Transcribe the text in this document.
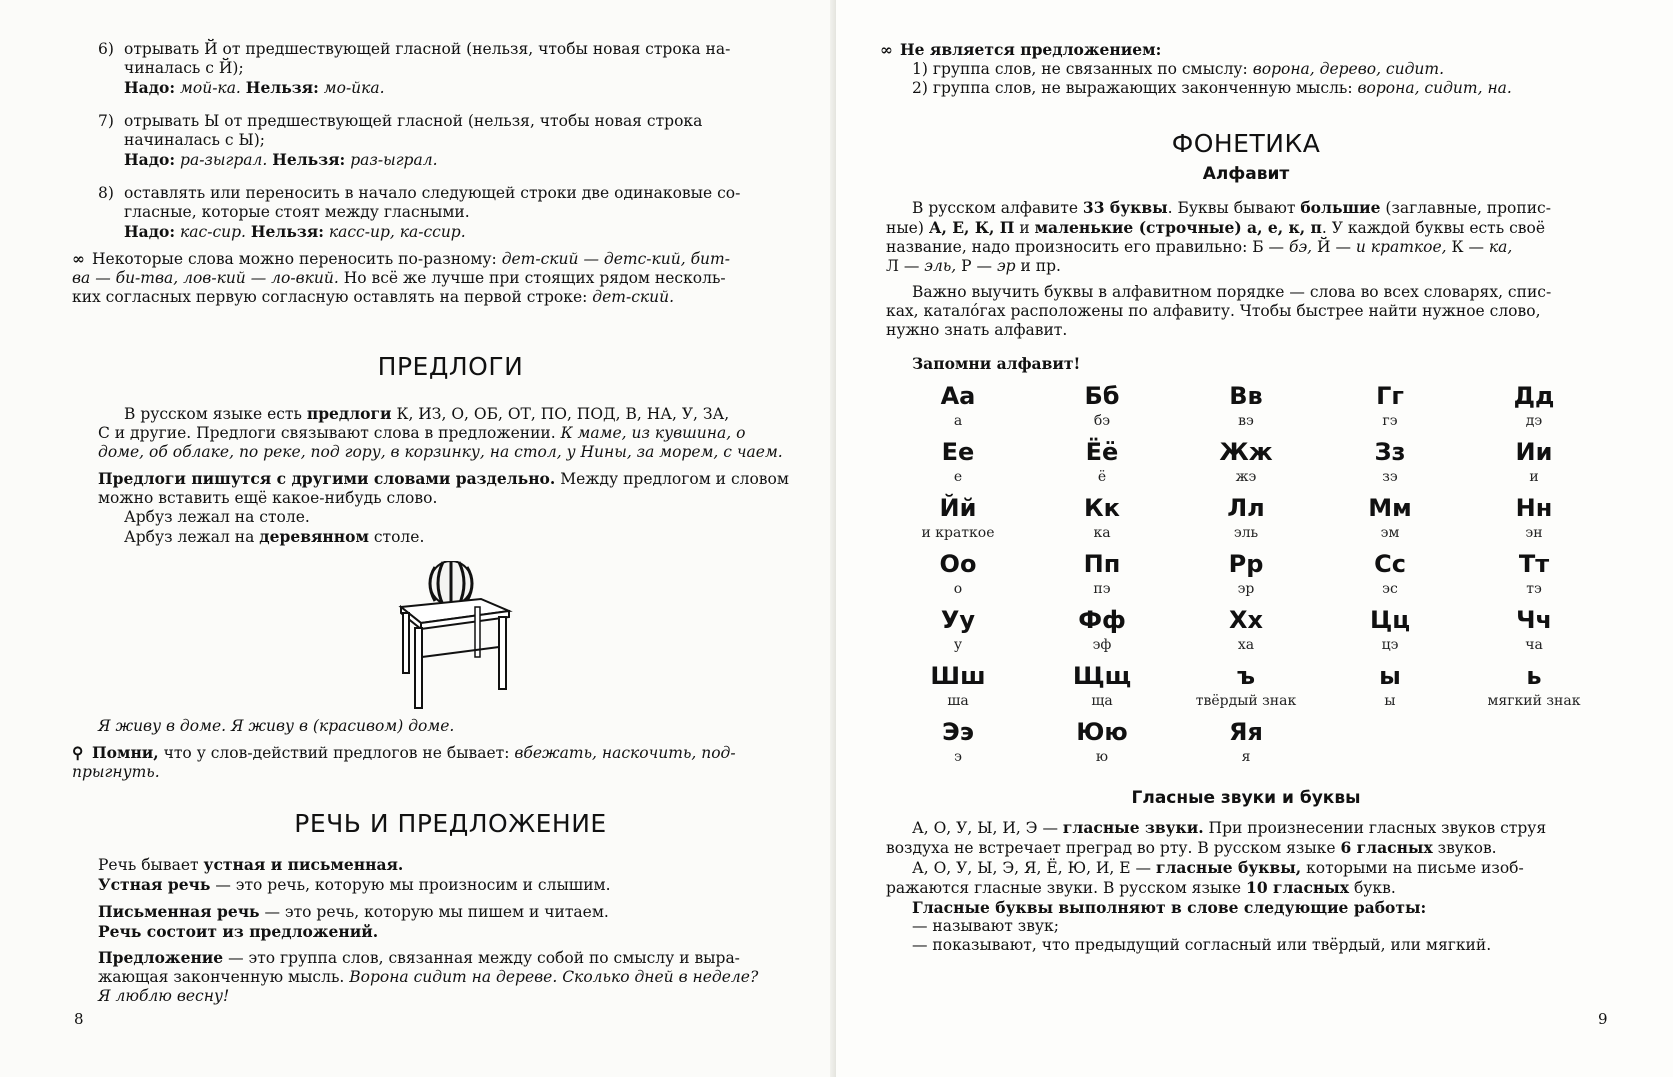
6) отрывать Й от предшествующей гласной (нельзя, чтобы новая строка на-
чиналась с Й);

Надо: мой-ка. Нельзя: мо-йка.

7) отрывать Ы от предшествующей гласной (нельзя, чтобы новая строка
начиналась с Ы);

Надо: ра-зыграл. Нельзя: раз-ыграл.

8) оставлять или переносить в начало следующей строки две одинаковые со-
гласные, которые стоят между гласными.

Надо: кас-сир. Нельзя: касс-ир, ка-ссир.

∞ Некоторые слова можно переносить по-разному: дет-ский — детс-кий, бит-
ва — би-тва, лов-кий — ло-вкий. Но всё же лучше при стоящих рядом несколь-
ких согласных первую согласную оставлять на первой строке: дет-ский.

ПРЕДЛОГИ

В русском языке есть предлоги К, ИЗ, О, ОБ, ОТ, ПО, ПОД, В, НА, У, ЗА,

С и другие. Предлоги связывают слова в предложении. К маме, из кувшина, о
доме, об облаке, по реке, под гору, в корзинку, на стол, у Нины, за морем, с чаем.

Предлоги пишутся с другими словами раздельно. Между предлогом и словом
можно вставить ещё какое-нибудь слово.

Арбуз лежал на столе.

Арбуз лежал на деревянном столе.

Я живу в доме. Я живу в (красивом) доме.

⚲ Помни, что у слов-действий предлогов не бывает: вбежать, наскочить, под-
прыгнуть.

РЕЧЬ И ПРЕДЛОЖЕНИЕ

Речь бывает устная и письменная.

Устная речь — это речь, которую мы произносим и слышим.

Письменная речь — это речь, которую мы пишем и читаем.

Речь состоит из предложений.

Предложение — это группа слов, связанная между собой по смыслу и выра-
жающая законченную мысль. Ворона сидит на дереве. Сколько дней в неделе?
Я люблю весну!

8

∞ Не является предложением:

1) группа слов, не связанных по смыслу: ворона, дерево, сидит.

2) группа слов, не выражающих законченную мысль: ворона, сидит, на.

ФОНЕТИКА
Алфавит

В русском алфавите 33 буквы. Буквы бывают большие (заглавные, пропис-

ные) А, Е, К, П и маленькие (строчные) а, е, к, п. У каждой буквы есть своё
название, надо произносить его правильно: Б — бэ, Й — и краткое, К — ка,
Л — эль, Р — эр и пр.

Важно выучить буквы в алфавитном порядке — слова во всех словарях, спис-
ках, каталóгах расположены по алфавиту. Чтобы быстрее найти нужное слово,
нужно знать алфавит.

Запомни алфавит!

Аа
а
Бб
бэ
Вв
вэ
Гг
гэ
Дд
дэ
Ее
е
Ёё
ё
Жж
жэ
Зз
зэ
Ии
и
Йй
и краткое
Кк
ка
Лл
эль
Мм
эм
Нн
эн
Оо
о
Пп
пэ
Рр
эр
Сс
эс
Тт
тэ
Уу
у
Фф
эф
Хх
ха
Цц
цэ
Чч
ча
Шш
ша
Щщ
ща
ъ
твёрдый знак
ы
ы
ь
мягкий знак
Ээ
э
Юю
ю
Яя
я
Гласные звуки и буквы

А, О, У, Ы, И, Э — гласные звуки. При произнесении гласных звуков струя

воздуха не встречает преград во рту. В русском языке 6 гласных звуков.

А, О, У, Ы, Э, Я, Ё, Ю, И, Е — гласные буквы, которыми на письме изоб-

ражаются гласные звуки. В русском языке 10 гласных букв.

Гласные буквы выполняют в слове следующие работы:

— называют звук;
— показывают, что предыдущий согласный или твёрдый, или мягкий.
9
